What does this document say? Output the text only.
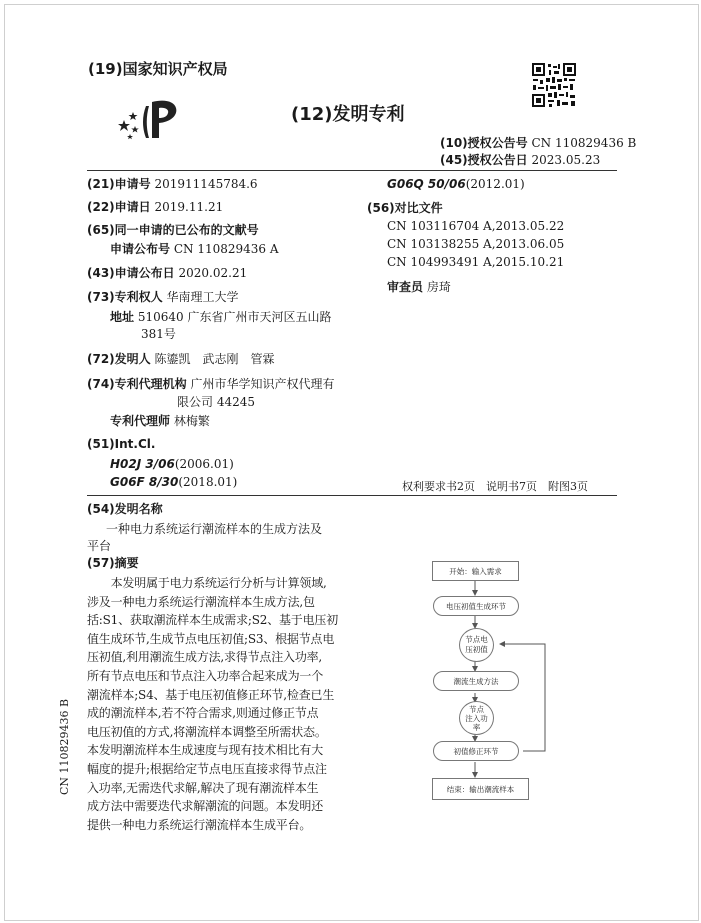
(19)国家知识产权局
(12)发明专利
(10)授权公告号 CN 110829436 B
(45)授权公告日 2023.05.23
(21)申请号 201911145784.6
(22)申请日 2019.11.21
(65)同一申请的已公布的文献号
申请公布号 CN 110829436 A
(43)申请公布日 2020.02.21
(73)专利权人 华南理工大学
地址 510640 广东省广州市天河区五山路
381号
(72)发明人 陈鎏凯　武志刚　管霖
(74)专利代理机构 广州市华学知识产权代理有
限公司 44245
专利代理师 林梅繁
(51)Int.Cl.
H02J 3/06(2006.01)
G06F 8/30(2018.01)
G06Q 50/06(2012.01)
(56)对比文件
CN 103116704 A,2013.05.22
CN 103138255 A,2013.06.05
CN 104993491 A,2015.10.21
审查员 房琦
权利要求书2页　说明书7页　附图3页
(54)发明名称
一种电力系统运行潮流样本的生成方法及
平台
(57)摘要
　　本发明属于电力系统运行分析与计算领域,
涉及一种电力系统运行潮流样本生成方法,包
括:S1、获取潮流样本生成需求;S2、基于电压初
值生成环节,生成节点电压初值;S3、根据节点电
压初值,利用潮流生成方法,求得节点注入功率,
所有节点电压和节点注入功率合起来成为一个
潮流样本;S4、基于电压初值修正环节,检查已生
成的潮流样本,若不符合需求,则通过修正节点
电压初值的方式,将潮流样本调整至所需状态。
本发明潮流样本生成速度与现有技术相比有大
幅度的提升;根据给定节点电压直接求得节点注
入功率,无需迭代求解,解决了现有潮流样本生
成方法中需要迭代求解潮流的问题。本发明还
提供一种电力系统运行潮流样本生成平台。
开始：输入需求
电压初值生成环节
节点电
压初值
潮流生成方法
节点
注入功
率
初值修正环节
结束：输出潮流样本
CN 110829436 B
